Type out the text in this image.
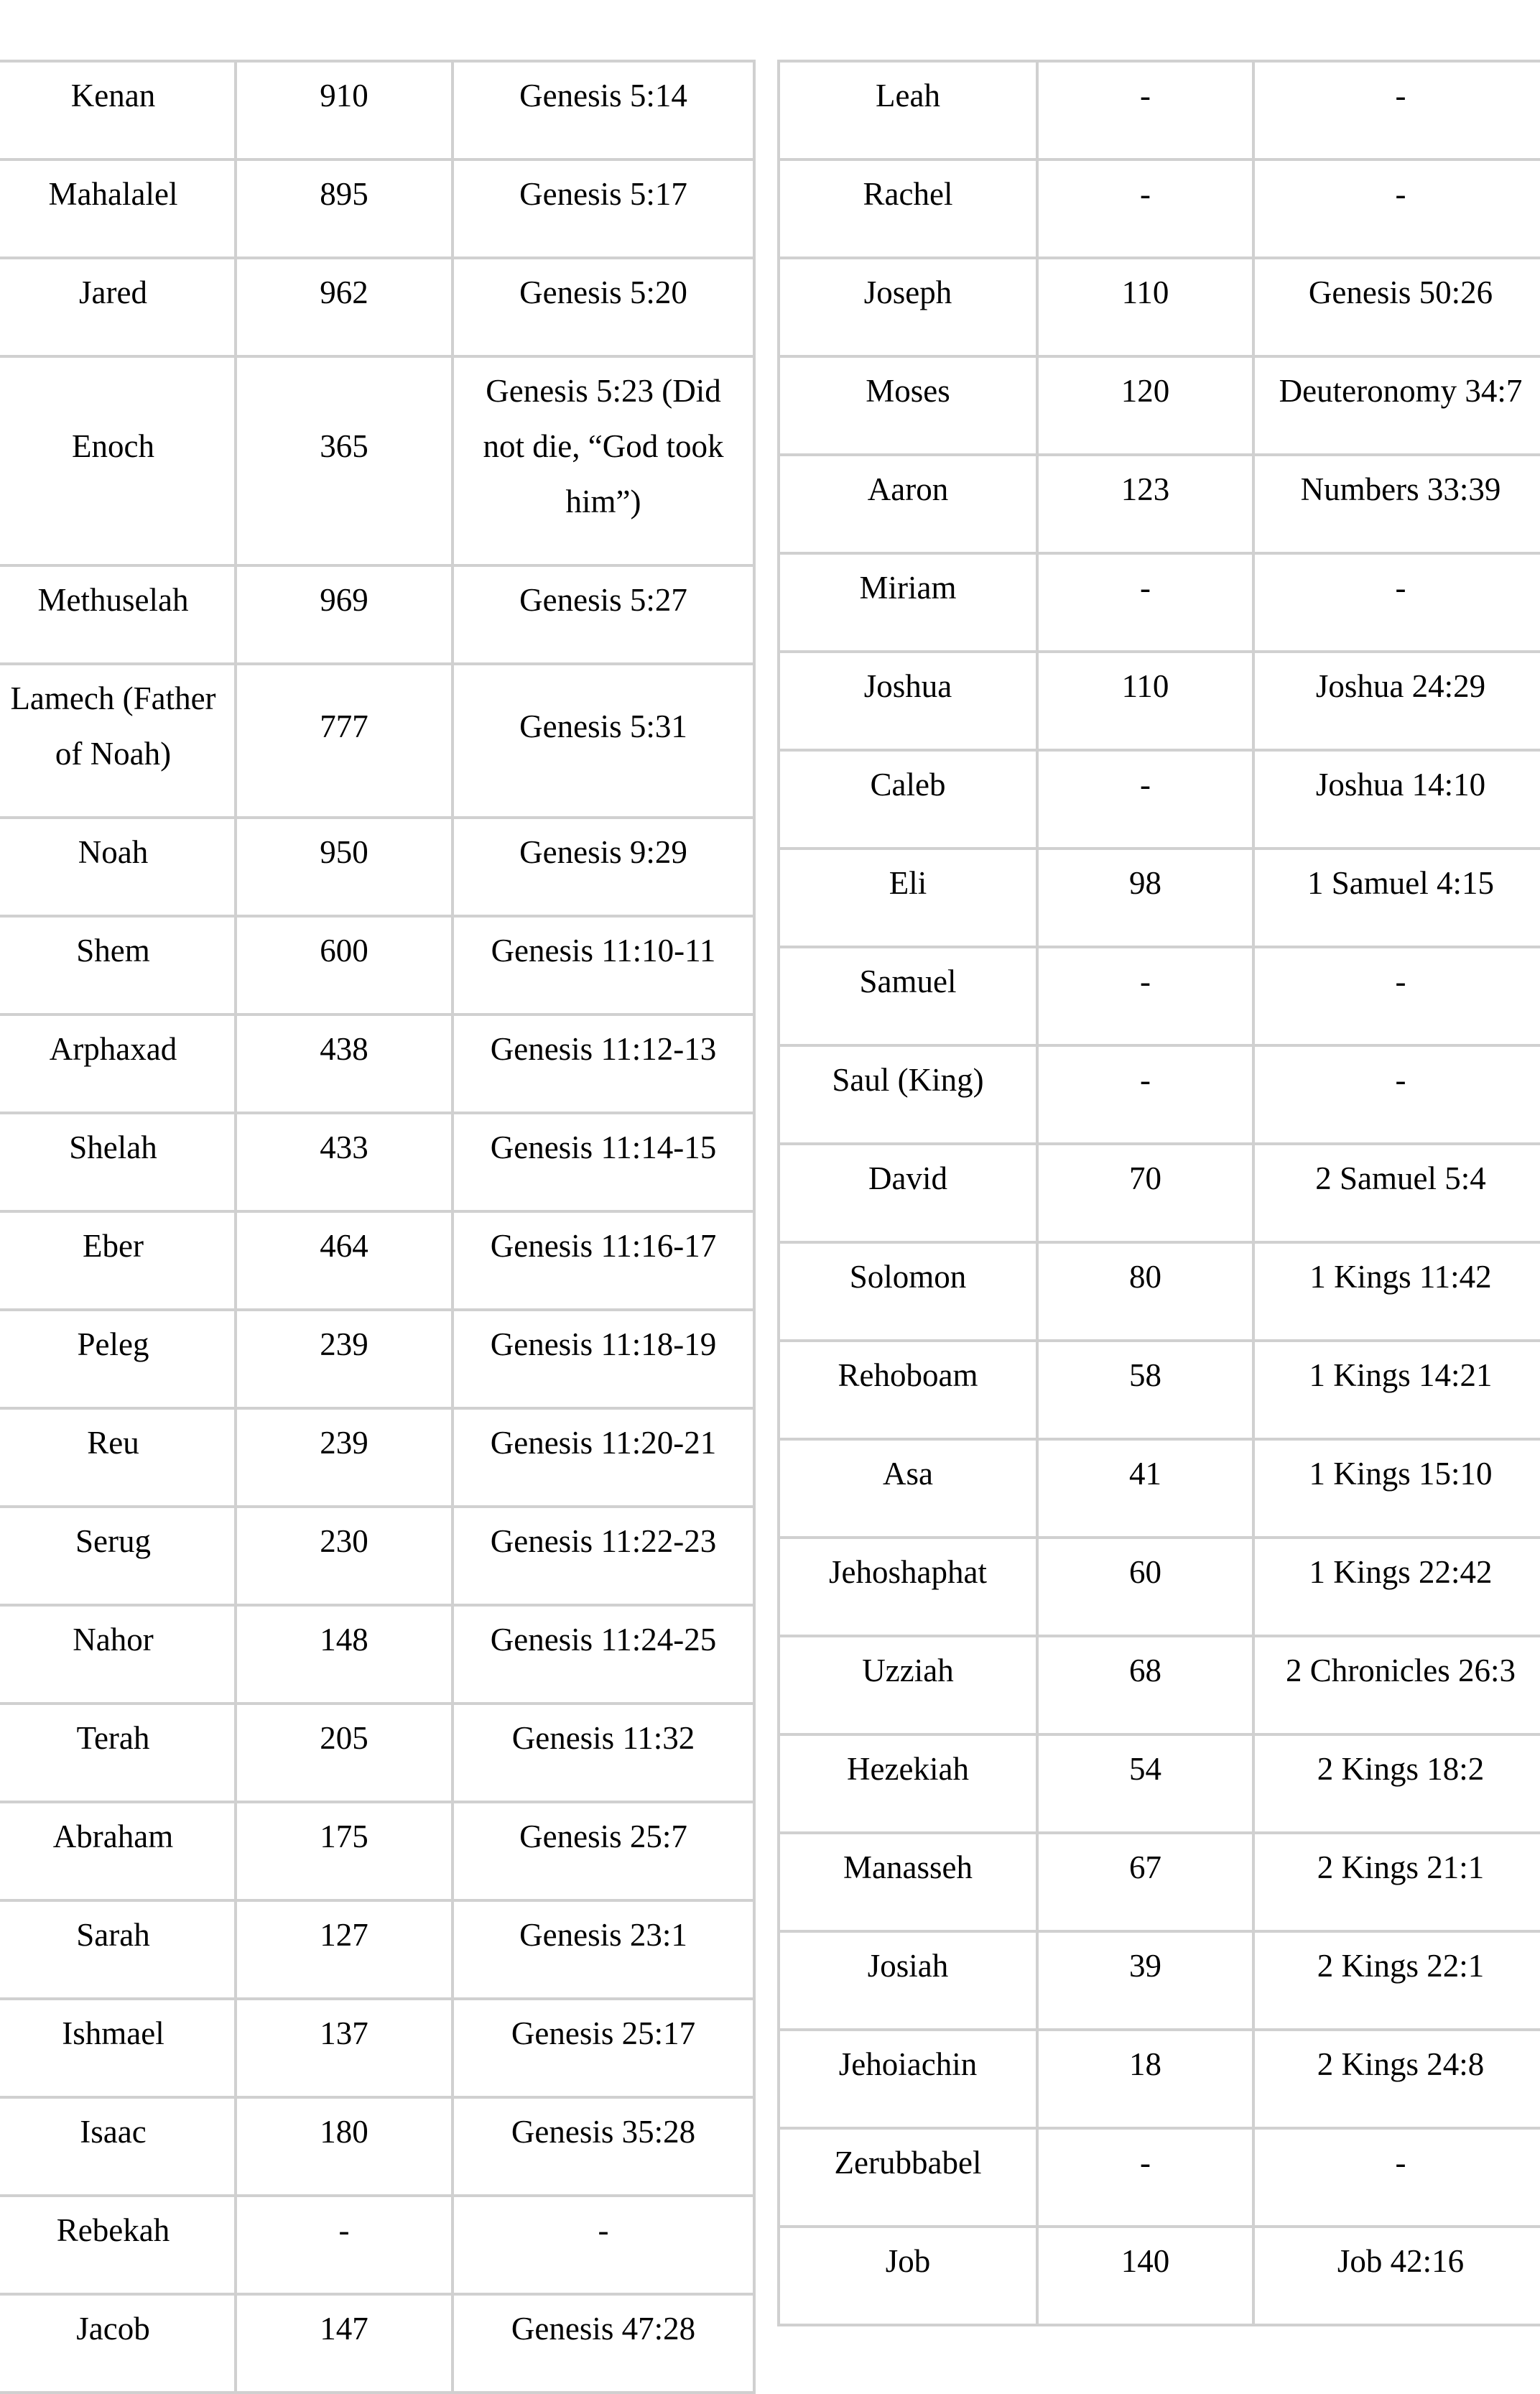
Kenan	910	Genesis 5:14
Mahalalel	895	Genesis 5:17
Jared	962	Genesis 5:20
Enoch	365	Genesis 5:23 (Did not die, “God took him”)
Methuselah	969	Genesis 5:27
Lamech (Father of Noah)	777	Genesis 5:31
Noah	950	Genesis 9:29
Shem	600	Genesis 11:10-11
Arphaxad	438	Genesis 11:12-13
Shelah	433	Genesis 11:14-15
Eber	464	Genesis 11:16-17
Peleg	239	Genesis 11:18-19
Reu	239	Genesis 11:20-21
Serug	230	Genesis 11:22-23
Nahor	148	Genesis 11:24-25
Terah	205	Genesis 11:32
Abraham	175	Genesis 25:7
Sarah	127	Genesis 23:1
Ishmael	137	Genesis 25:17
Isaac	180	Genesis 35:28
Rebekah	-	-
Jacob	147	Genesis 47:28
Leah	-	-
Rachel	-	-
Joseph	110	Genesis 50:26
Moses	120	Deuteronomy 34:7
Aaron	123	Numbers 33:39
Miriam	-	-
Joshua	110	Joshua 24:29
Caleb	-	Joshua 14:10
Eli	98	1 Samuel 4:15
Samuel	-	-
Saul (King)	-	-
David	70	2 Samuel 5:4
Solomon	80	1 Kings 11:42
Rehoboam	58	1 Kings 14:21
Asa	41	1 Kings 15:10
Jehoshaphat	60	1 Kings 22:42
Uzziah	68	2 Chronicles 26:3
Hezekiah	54	2 Kings 18:2
Manasseh	67	2 Kings 21:1
Josiah	39	2 Kings 22:1
Jehoiachin	18	2 Kings 24:8
Zerubbabel	-	-
Job	140	Job 42:16
